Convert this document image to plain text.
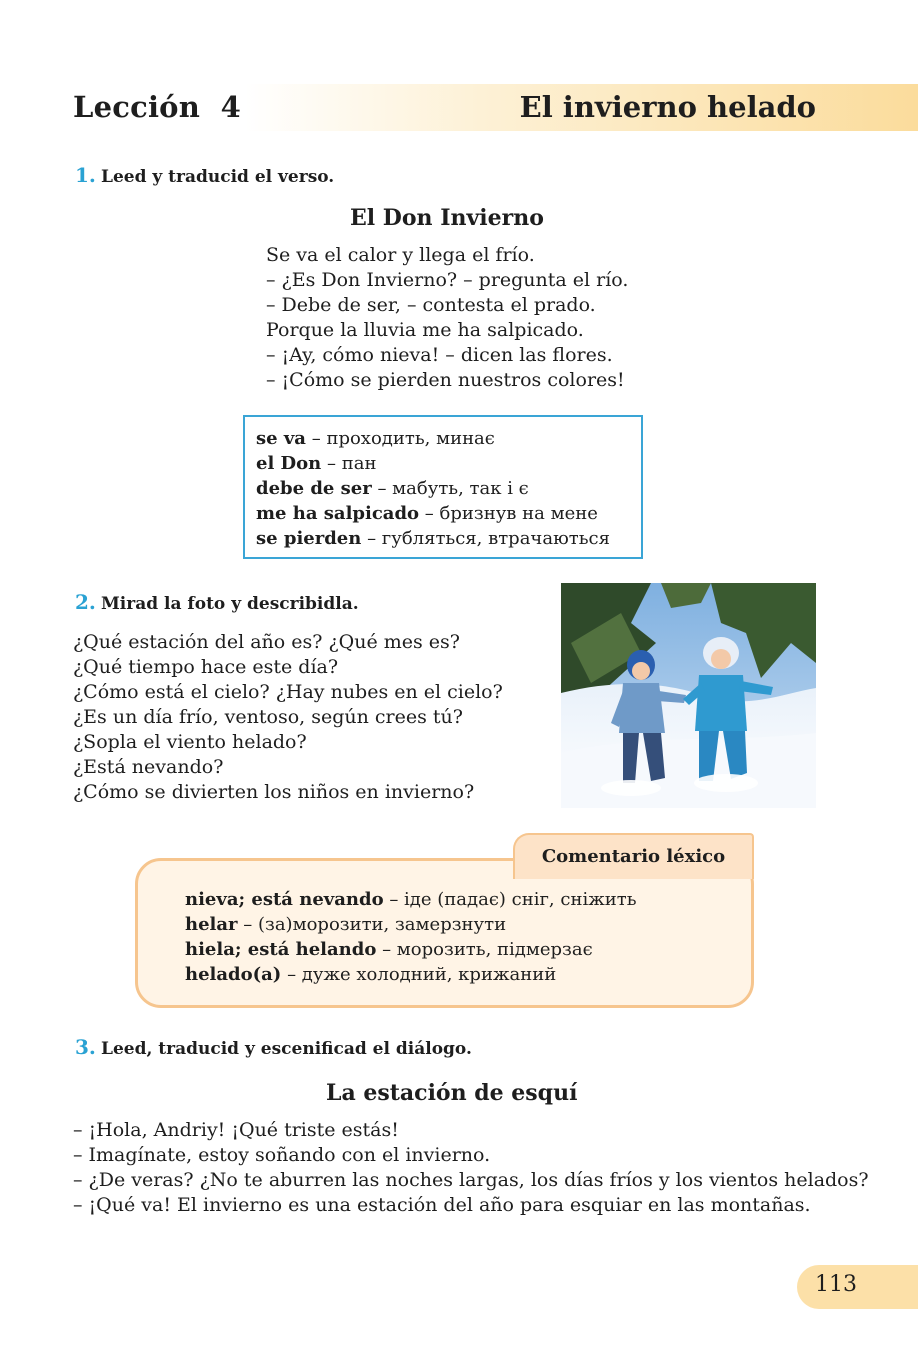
Lección  4	El invierno helado
1. Leed y traducid el verso.
El Don Invierno
Se va el calor y llega el frío.
– ¿Es Don Invierno? – pregunta el río.
– Debe de ser, – contesta el prado.
Porque la lluvia me ha salpicado.
– ¡Ay, cómo nieva! – dicen las flores.
– ¡Cómo se pierden nuestros colores!
se va – проходить, минає
el Don – пан
debe de ser – мабуть, так і є
me ha salpicado – бризнув на мене
se pierden – губляться, втрачаються
2. Mirad la foto y describidla.
¿Qué estación del año es? ¿Qué mes es?
¿Qué tiempo hace este día?
¿Cómo está el cielo? ¿Hay nubes en el cielo?
¿Es un día frío, ventoso, según crees tú?
¿Sopla el viento helado?
¿Está nevando?
¿Cómo se divierten los niños en invierno?
Comentario léxico
nieva; está nevando – іде (падає) сніг, сніжить
helar – (за)морозити, замерзнути
hiela; está helando – морозить, підмерзає
helado(a) – дуже холодний, крижаний
3. Leed, traducid y escenificad el diálogo.
La estación de esquí
– ¡Hola, Andriy! ¡Qué triste estás!
– Imagínate, estoy soñando con el invierno.
– ¿De veras? ¿No te aburren las noches largas, los días fríos y los vientos helados?
– ¡Qué va! El invierno es una estación del año para esquiar en las montañas.
113
